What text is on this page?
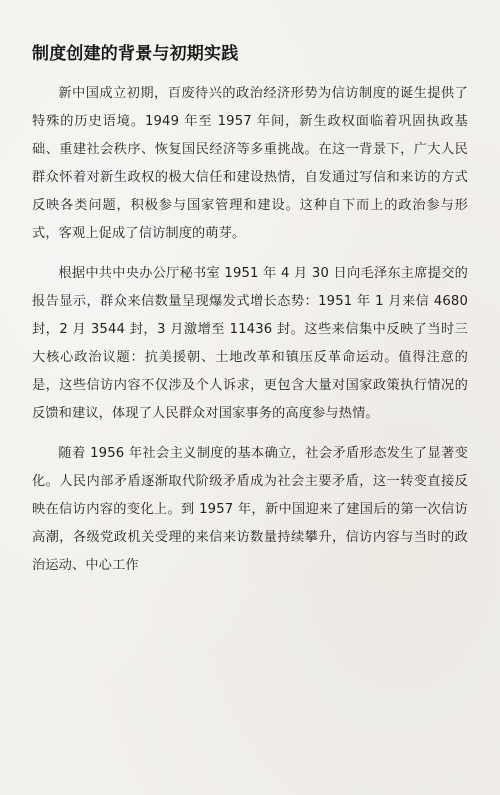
制度创建的背景与初期实践

新中国成立初期，百废待兴的政治经济形势为信访制度的诞生提供了特殊的历史语境。1949 年至 1957 年间，新生政权面临着巩固执政基础、重建社会秩序、恢复国民经济等多重挑战。在这一背景下，广大人民群众怀着对新生政权的极大信任和建设热情，自发通过写信和来访的方式反映各类问题，积极参与国家管理和建设。这种自下而上的政治参与形式，客观上促成了信访制度的萌芽。

根据中共中央办公厅秘书室 1951 年 4 月 30 日向毛泽东主席提交的报告显示，群众来信数量呈现爆发式增长态势：1951 年 1 月来信 4680 封，2 月 3544 封，3 月激增至 11436 封。这些来信集中反映了当时三大核心政治议题：抗美援朝、土地改革和镇压反革命运动。值得注意的是，这些信访内容不仅涉及个人诉求，更包含大量对国家政策执行情况的反馈和建议，体现了人民群众对国家事务的高度参与热情。

随着 1956 年社会主义制度的基本确立，社会矛盾形态发生了显著变化。人民内部矛盾逐渐取代阶级矛盾成为社会主要矛盾，这一转变直接反映在信访内容的变化上。到 1957 年，新中国迎来了建国后的第一次信访高潮，各级党政机关受理的来信来访数量持续攀升，信访内容与当时的政治运动、中心工作
